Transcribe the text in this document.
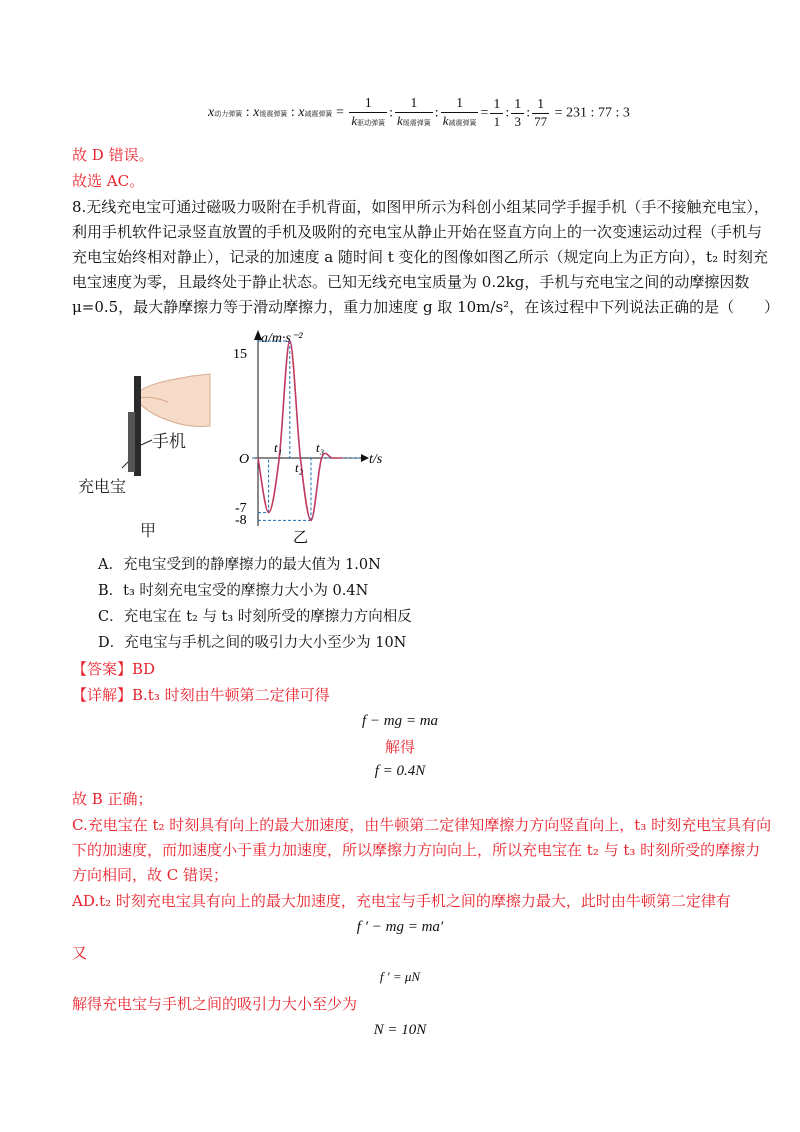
x动力弹簧 : x缓震弹簧 : x减震弹簧 = $\frac{1}{\text{k驱动弹簧}}$ : $\frac{1}{\text{k缓震弹簧}}$ : $\frac{1}{\text{k减震弹簧}} = \frac{1}{1}$ : $\frac{1}{3}$ : $\frac{1}{77} = 231$ : 77 : 3
故 D 错误。
故选 AC。
8.无线充电宝可通过磁吸力吸附在手机背面，如图甲所示为科创小组某同学手握手机（手不接触充电宝），
利用手机软件记录竖直放置的手机及吸附的充电宝从静止开始在竖直方向上的一次变速运动过程（手机与
充电宝始终相对静止），记录的加速度 a 随时间 t 变化的图像如图乙所示（规定向上为正方向），t₂ 时刻充
电宝速度为零，且最终处于静止状态。已知无线充电宝质量为 0.2kg，手机与充电宝之间的动摩擦因数
μ=0.5，最大静摩擦力等于滑动摩擦力，重力加速度 g 取 10m/s²，在该过程中下列说法正确的是（　　）
手机
充电宝
甲
a/m·s⁻²
t/s
O
15
-7
-8
t₁
t₂
t₃
乙
A．充电宝受到的静摩擦力的最大值为 1.0N
B．t₃ 时刻充电宝受的摩擦力大小为 0.4N
C．充电宝在 t₂ 与 t₃ 时刻所受的摩擦力方向相反
D．充电宝与手机之间的吸引力大小至少为 10N
【答案】BD
【详解】B.t₃ 时刻由牛顿第二定律可得
f − mg = ma
解得
f = 0.4N
故 B 正确；
C.充电宝在 t₂ 时刻具有向上的最大加速度，由牛顿第二定律知摩擦力方向竖直向上，t₃ 时刻充电宝具有向
下的加速度，而加速度小于重力加速度，所以摩擦力方向向上，所以充电宝在 t₂ 与 t₃ 时刻所受的摩擦力
方向相同，故 C 错误；
AD.t₂ 时刻充电宝具有向上的最大加速度，充电宝与手机之间的摩擦力最大，此时由牛顿第二定律有
f ′ − mg = ma′
又
f ′ = μN
解得充电宝与手机之间的吸引力大小至少为
N = 10N
